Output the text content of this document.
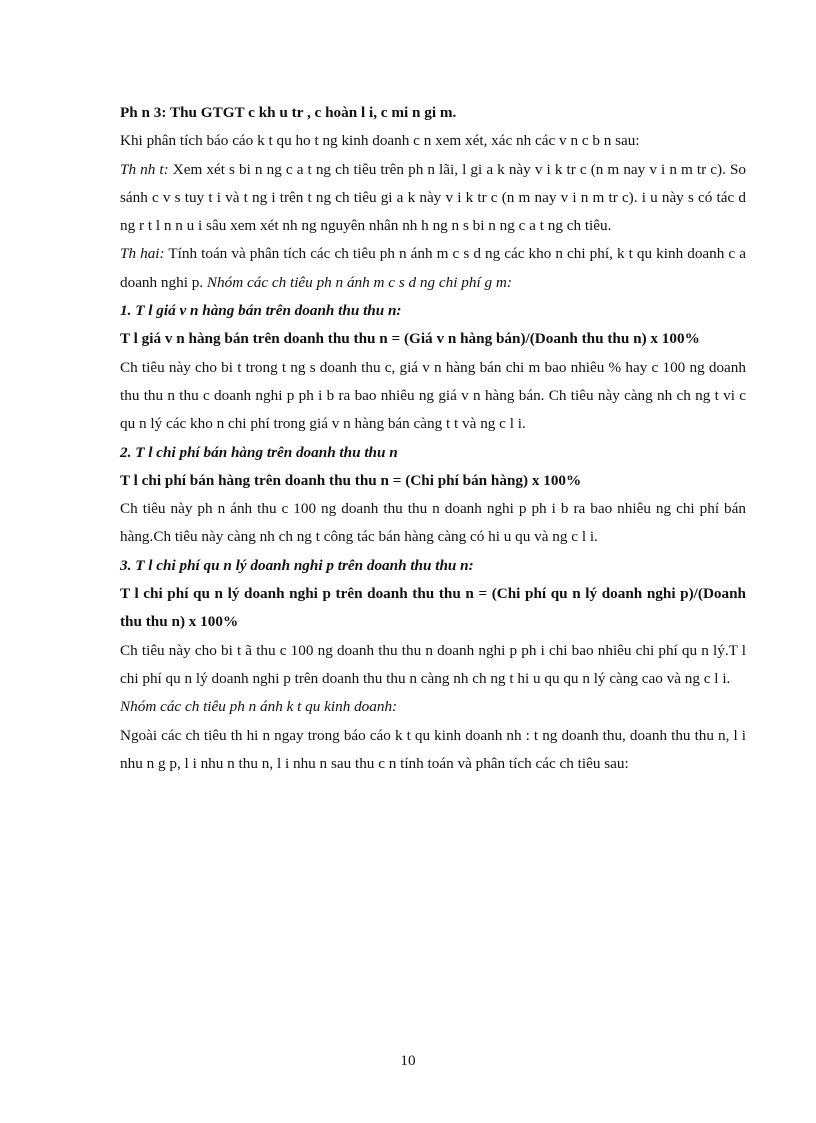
Ph n 3: Thu GTGT c kh u tr , c hoàn l i, c mi n gi m.

Khi phân tích báo cáo k t qu ho t ng kinh doanh c n xem xét, xác nh các v n c b n sau:

Th nh t: Xem xét s bi n ng c a t ng ch tiêu trên ph n lãi, l gi a k này v i k tr c (n m nay v i n m tr c). So sánh c v s tuy t i và t ng i trên t ng ch tiêu gi a k này v i k tr c (n m nay v i n m tr c). i u này s có tác d ng r t l n n u i sâu xem xét nh ng nguyên nhân nh h ng n s bi n ng c a t ng ch tiêu.

Th hai: Tính toán và phân tích các ch tiêu ph n ánh m c s d ng các kho n chi phí, k t qu kinh doanh c a doanh nghi p. Nhóm các ch tiêu ph n ánh m c s d ng chi phí g m:

1. T l giá v n hàng bán trên doanh thu thu n:

T l giá v n hàng bán trên doanh thu thu n = (Giá v n hàng bán)/(Doanh thu thu n) x 100%

Ch tiêu này cho bi t trong t ng s doanh thu c, giá v n hàng bán chi m bao nhiêu % hay c 100 ng doanh thu thu n thu c doanh nghi p ph i b ra bao nhiêu ng giá v n hàng bán. Ch tiêu này càng nh ch ng t vi c qu n lý các kho n chi phí trong giá v n hàng bán càng t t và ng c l i.

2. T l chi phí bán hàng trên doanh thu thu n

T l chi phí bán hàng trên doanh thu thu n = (Chi phí bán hàng) x 100%

Ch tiêu này ph n ánh thu c 100 ng doanh thu thu n doanh nghi p ph i b ra bao nhiêu ng chi phí bán hàng.Ch tiêu này càng nh ch ng t công tác bán hàng càng có hi u qu và ng c l i.

3. T l chi phí qu n lý doanh nghi p trên doanh thu thu n:

T l chi phí qu n lý doanh nghi p trên doanh thu thu n = (Chi phí qu n lý doanh nghi p)/(Doanh thu thu n) x 100%

Ch tiêu này cho bi t ã thu c 100 ng doanh thu thu n doanh nghi p ph i chi bao nhiêu chi phí qu n lý.T l chi phí qu n lý doanh nghi p trên doanh thu thu n càng nh ch ng t hi u qu qu n lý càng cao và ng c l i.

Nhóm các ch tiêu ph n ánh k t qu kinh doanh:

Ngoài các ch tiêu th hi n ngay trong báo cáo k t qu kinh doanh nh : t ng doanh thu, doanh thu thu n, l i nhu n g p, l i nhu n thu n, l i nhu n sau thu c n tính toán và phân tích các ch tiêu sau:

10
